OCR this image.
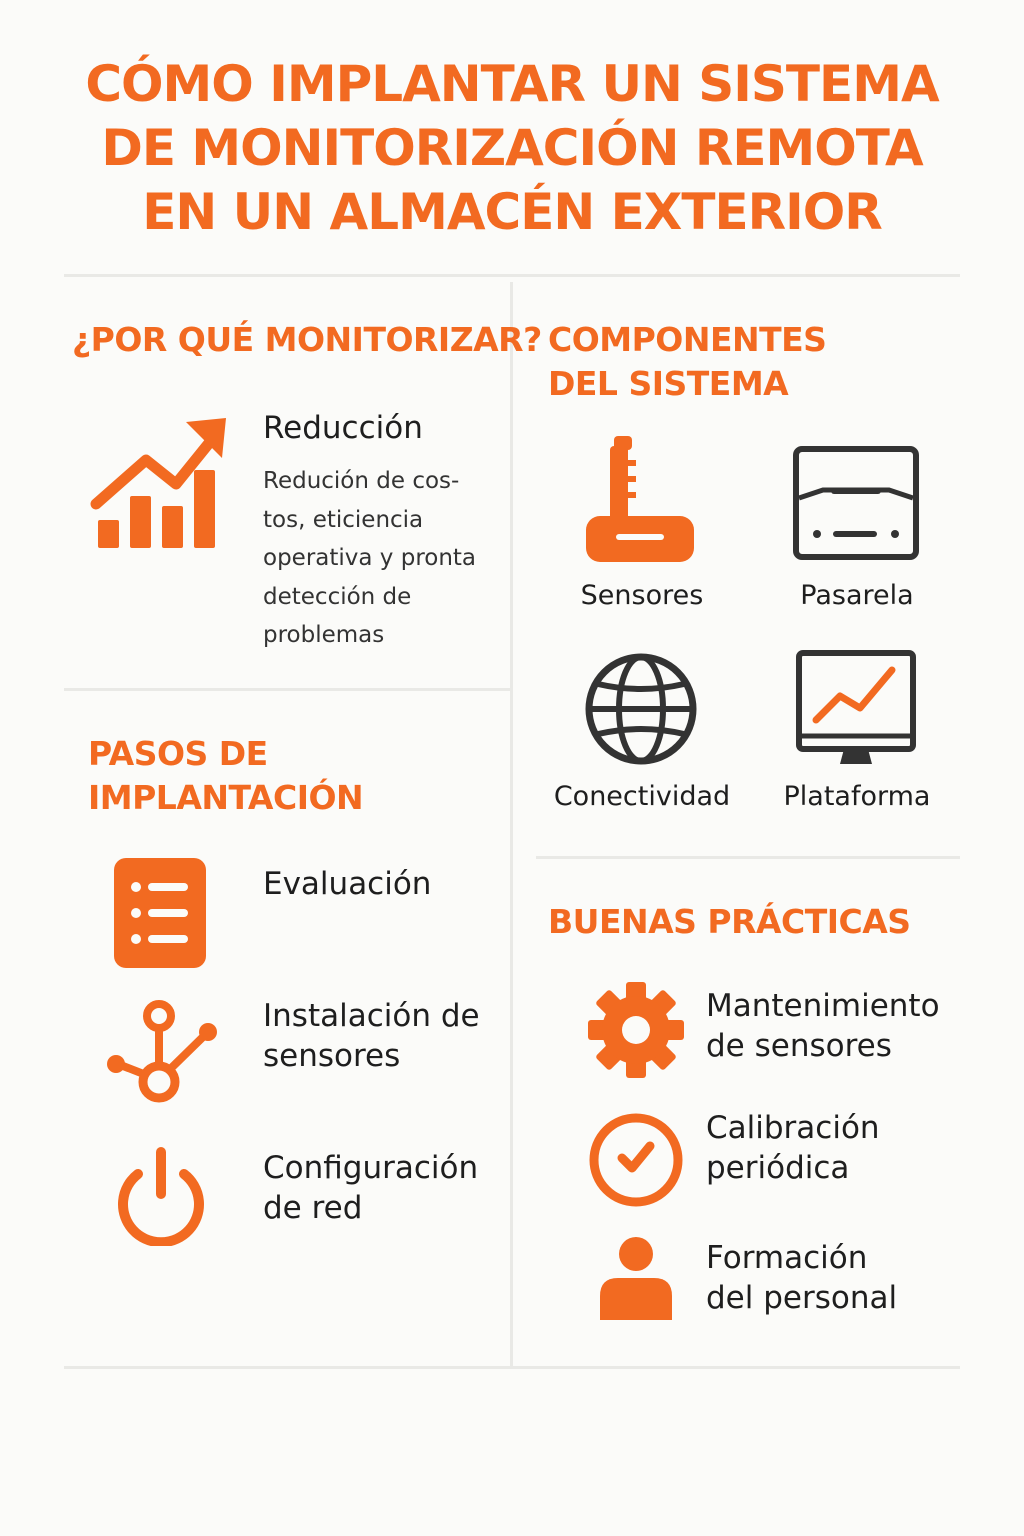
CÓMO IMPLANTAR UN SISTEMA
DE MONITORIZACIÓN REMOTA
EN UN ALMACÉN EXTERIOR
¿POR QUÉ MONITORIZAR?
Reducción
Redución de cos-
tos, eticiencia
operativa y pronta
detección de
problemas
PASOS DE
IMPLANTACIÓN
Evaluación
Instalación de
sensores
Configuración
de red
COMPONENTES
DEL SISTEMA
Sensores	Pasarela
Conectividad	Plataforma
BUENAS PRÁCTICAS
Mantenimiento
de sensores
Calibración
periódica
Formación
del personal
